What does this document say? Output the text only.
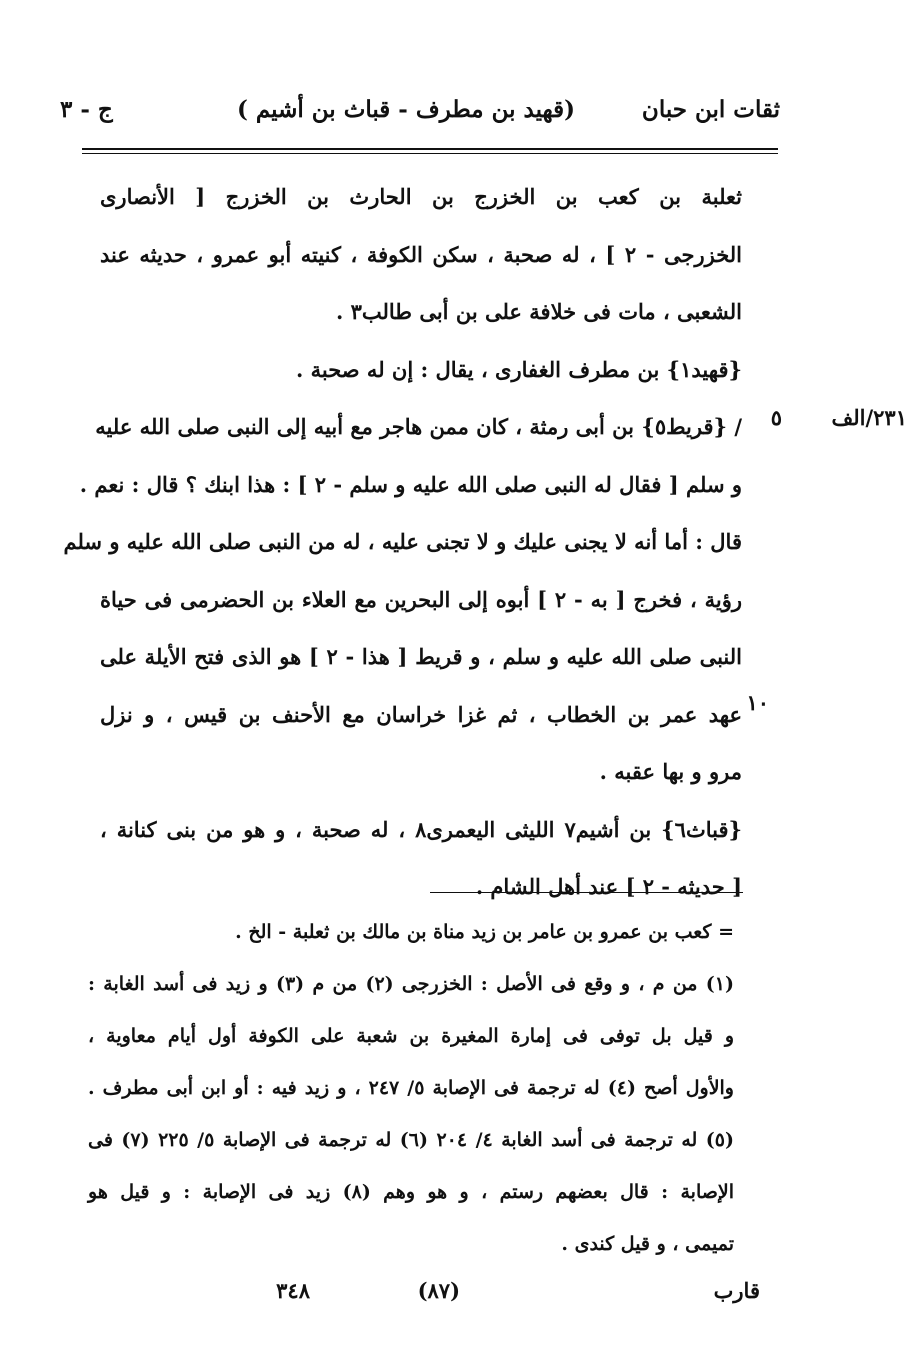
ثقات ابن حبان
(قهيد بن مطرف - قباث بن أشيم )
ج - ٣
٢٣١/الف
٥
١٠
ثعلبة بن كعب بن الخزرج بن الحارث بن الخزرج [ الأنصارى
الخزرجى - ٢ ] ، له صحبة ، سكن الكوفة ، كنيته أبو عمرو ، حديثه عند
الشعبى ، مات فى خلافة على بن أبى طالب٣ .
{قهيد١} بن مطرف الغفارى ، يقال : إن له صحبة .
/ {قريط٥} بن أبى رمثة ، كان ممن هاجر مع أبيه إلى النبى صلى الله عليه
و سلم [ فقال له النبى صلى الله عليه و سلم - ٢ ] : هذا ابنك ؟ قال : نعم .
قال : أما أنه لا يجنى عليك و لا تجنى عليه ، له من النبى صلى الله عليه و سلم
رؤية ، فخرج [ به - ٢ ] أبوه إلى البحرين مع العلاء بن الحضرمى فى حياة
النبى صلى الله عليه و سلم ، و قريط [ هذا - ٢ ] هو الذى فتح الأيلة على
عهد عمر بن الخطاب ، ثم غزا خراسان مع الأحنف بن قيس ، و نزل
مرو و بها عقبه .
{قباث٦} بن أشيم٧ الليثى اليعمرى٨ ، له صحبة ، و هو من بنى كنانة ،
[ حديثه - ٢ ] عند أهل الشام .
= كعب بن عمرو بن عامر بن زيد مناة بن مالك بن ثعلبة - الخ .
(١) من م ، و وقع فى الأصل : الخزرجى (٢) من م (٣) و زيد فى أسد الغابة :
و قيل بل توفى فى إمارة المغيرة بن شعبة على الكوفة أول أيام معاوية ،
والأول أصح (٤) له ترجمة فى الإصابة ٥/ ٢٤٧ ، و زيد فيه : أو ابن أبى مطرف .
(٥) له ترجمة فى أسد الغابة ٤/ ٢٠٤ (٦) له ترجمة فى الإصابة ٥/ ٢٢٥ (٧) فى
الإصابة : قال بعضهم رستم ، و هو وهم (٨) زيد فى الإصابة : و قيل هو
تميمى ، و قيل كندى .
قارب
(٨٧)
٣٤٨
